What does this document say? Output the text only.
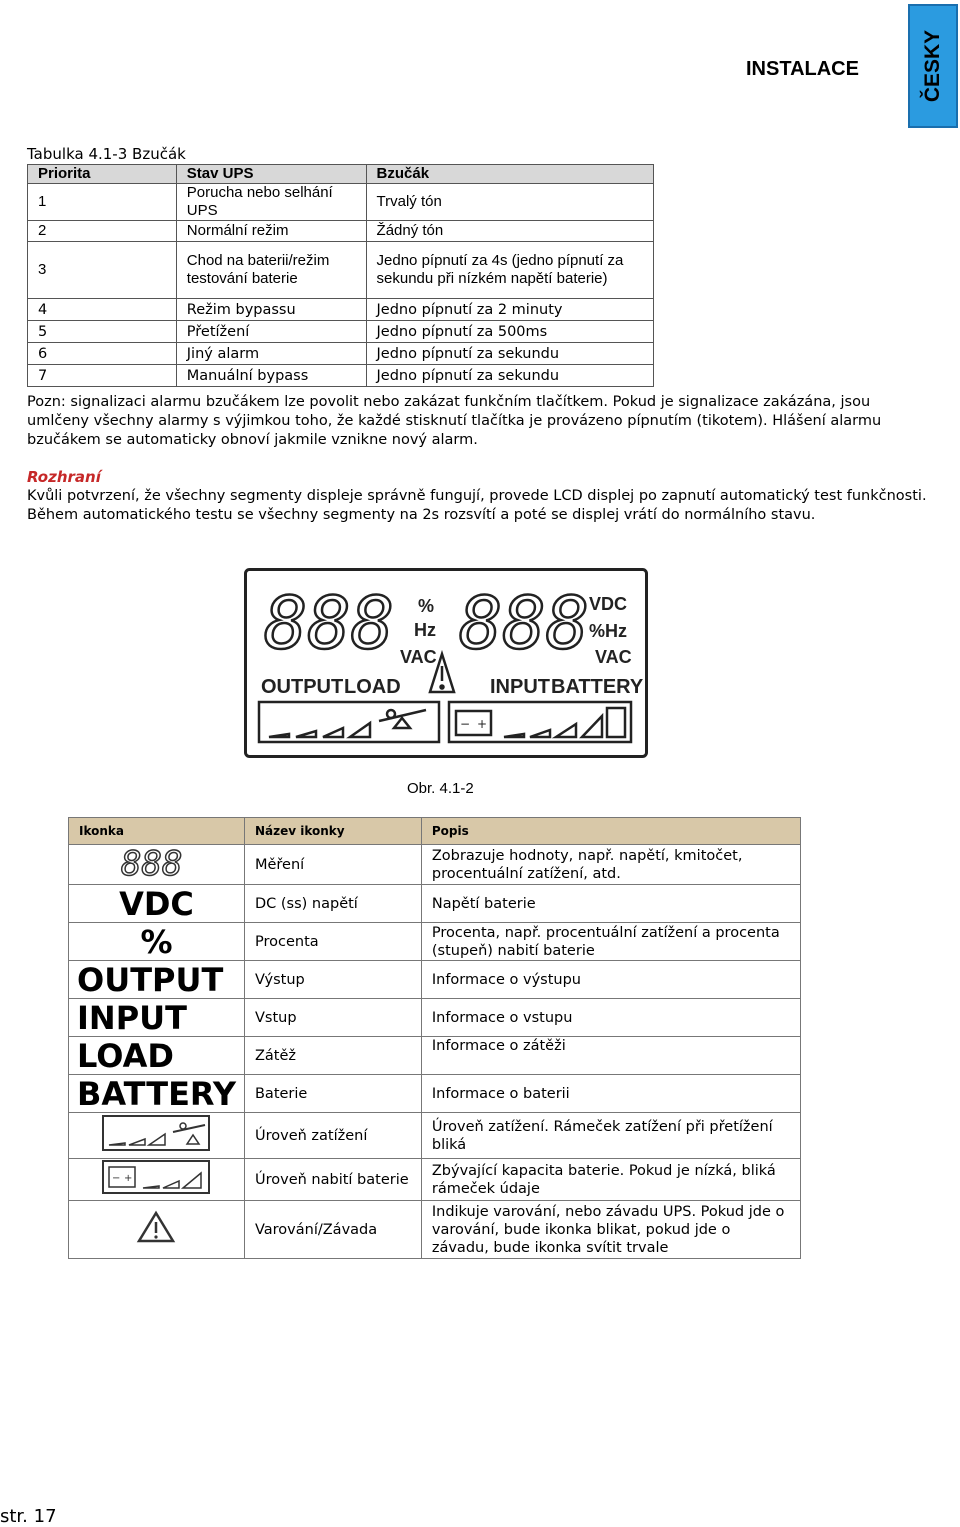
ČESKY
INSTALACE
Tabulka 4.1-3 Bzučák
Priorita	Stav UPS	Bzučák
1	Porucha nebo selhání UPS	Trvalý tón
2	Normální režim	Žádný tón
3	Chod na baterii/režim testování baterie	Jedno pípnutí za 4s (jedno pípnutí za sekundu při nízkém napětí baterie)
4	Režim bypassu	Jedno pípnutí za 2 minuty
5	Přetížení	Jedno pípnutí za 500ms
6	Jiný alarm	Jedno pípnutí za sekundu
7	Manuální bypass	Jedno pípnutí za sekundu

Pozn: signalizaci alarmu bzučákem lze povolit nebo zakázat funkčním tlačítkem. Pokud je signalizace zakázána, jsou umlčeny všechny alarmy s výjimkou toho, že každé stisknutí tlačítka je provázeno pípnutím (tikotem). Hlášení alarmu bzučákem se automaticky obnoví jakmile vznikne nový alarm.

Rozhraní

Kvůli potvrzení, že všechny segmenty displeje správně fungují, provede LCD displej po zapnutí automatický test funkčnosti. Během automatického testu se všechny segmenty na 2s rozsvítí a poté se displej vrátí do normálního stavu.

888 888
%
Hz
VAC
VDC
%Hz
VAC
OUTPUT LOAD	INPUT BATTERY
− +
Obr. 4.1-2
Ikonka	Název ikonky	Popis

888	Měření	Zobrazuje hodnoty, např. napětí, kmitočet, procentuální zatížení, atd.
VDC	DC (ss) napětí	Napětí baterie
%	Procenta	Procenta, např. procentuální zatížení a procenta (stupeň) nabití baterie
OUTPUT	Výstup	Informace o výstupu
INPUT	Vstup	Informace o vstupu
LOAD	Zátěž	Informace o zátěži
BATTERY	Baterie	Informace o baterii
	Úroveň zatížení	Úroveň zatížení. Rámeček zatížení při přetížení bliká

− +	Úroveň nabití baterie	Zbývající kapacita baterie. Pokud je nízká, bliká rámeček údaje
	Varování/Závada	Indikuje varování, nebo závadu UPS. Pokud jde o varování, bude ikonka blikat, pokud jde o závadu, bude ikonka svítit trvale
str. 17
